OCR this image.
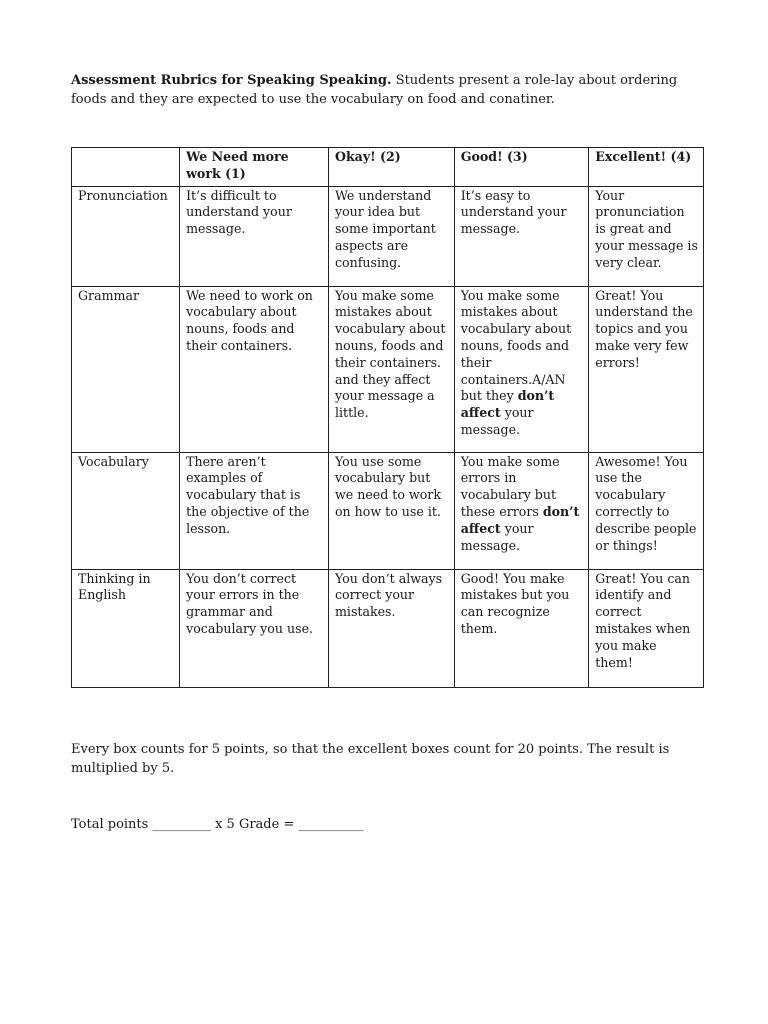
Assessment Rubrics for Speaking Speaking. Students present a role-lay about ordering foods and they are expected to use the vocabulary on food and conatiner.
	We Need more work (1)	Okay! (2)	Good! (3)	Excellent! (4)
Pronunciation	It’s difficult to understand your message.	We understand your idea but some important aspects are confusing.	It’s easy to understand your message.	Your pronunciation is great and your message is very clear.
Grammar	We need to work on vocabulary about nouns, foods and their containers.	You make some mistakes about vocabulary about nouns, foods and their containers. and they affect your message a little.	You make some mistakes about vocabulary about nouns, foods and their containers.A/AN but they don’t affect your message.	Great! You understand the topics and you make very few errors!
Vocabulary	There aren’t examples of vocabulary that is the objective of the lesson.	You use some vocabulary but we need to work on how to use it.	You make some errors in vocabulary but these errors don’t affect your message.	Awesome! You use the vocabulary correctly to describe people or things!
Thinking in English	You don’t correct your errors in the grammar and vocabulary you use.	You don’t always correct your mistakes.	Good! You make mistakes but you can recognize them.	Great! You can identify and correct mistakes when you make them!
Every box counts for 5 points, so that the excellent boxes count for 20 points. The result is multiplied by 5.
Total points _________ x 5 Grade = __________
